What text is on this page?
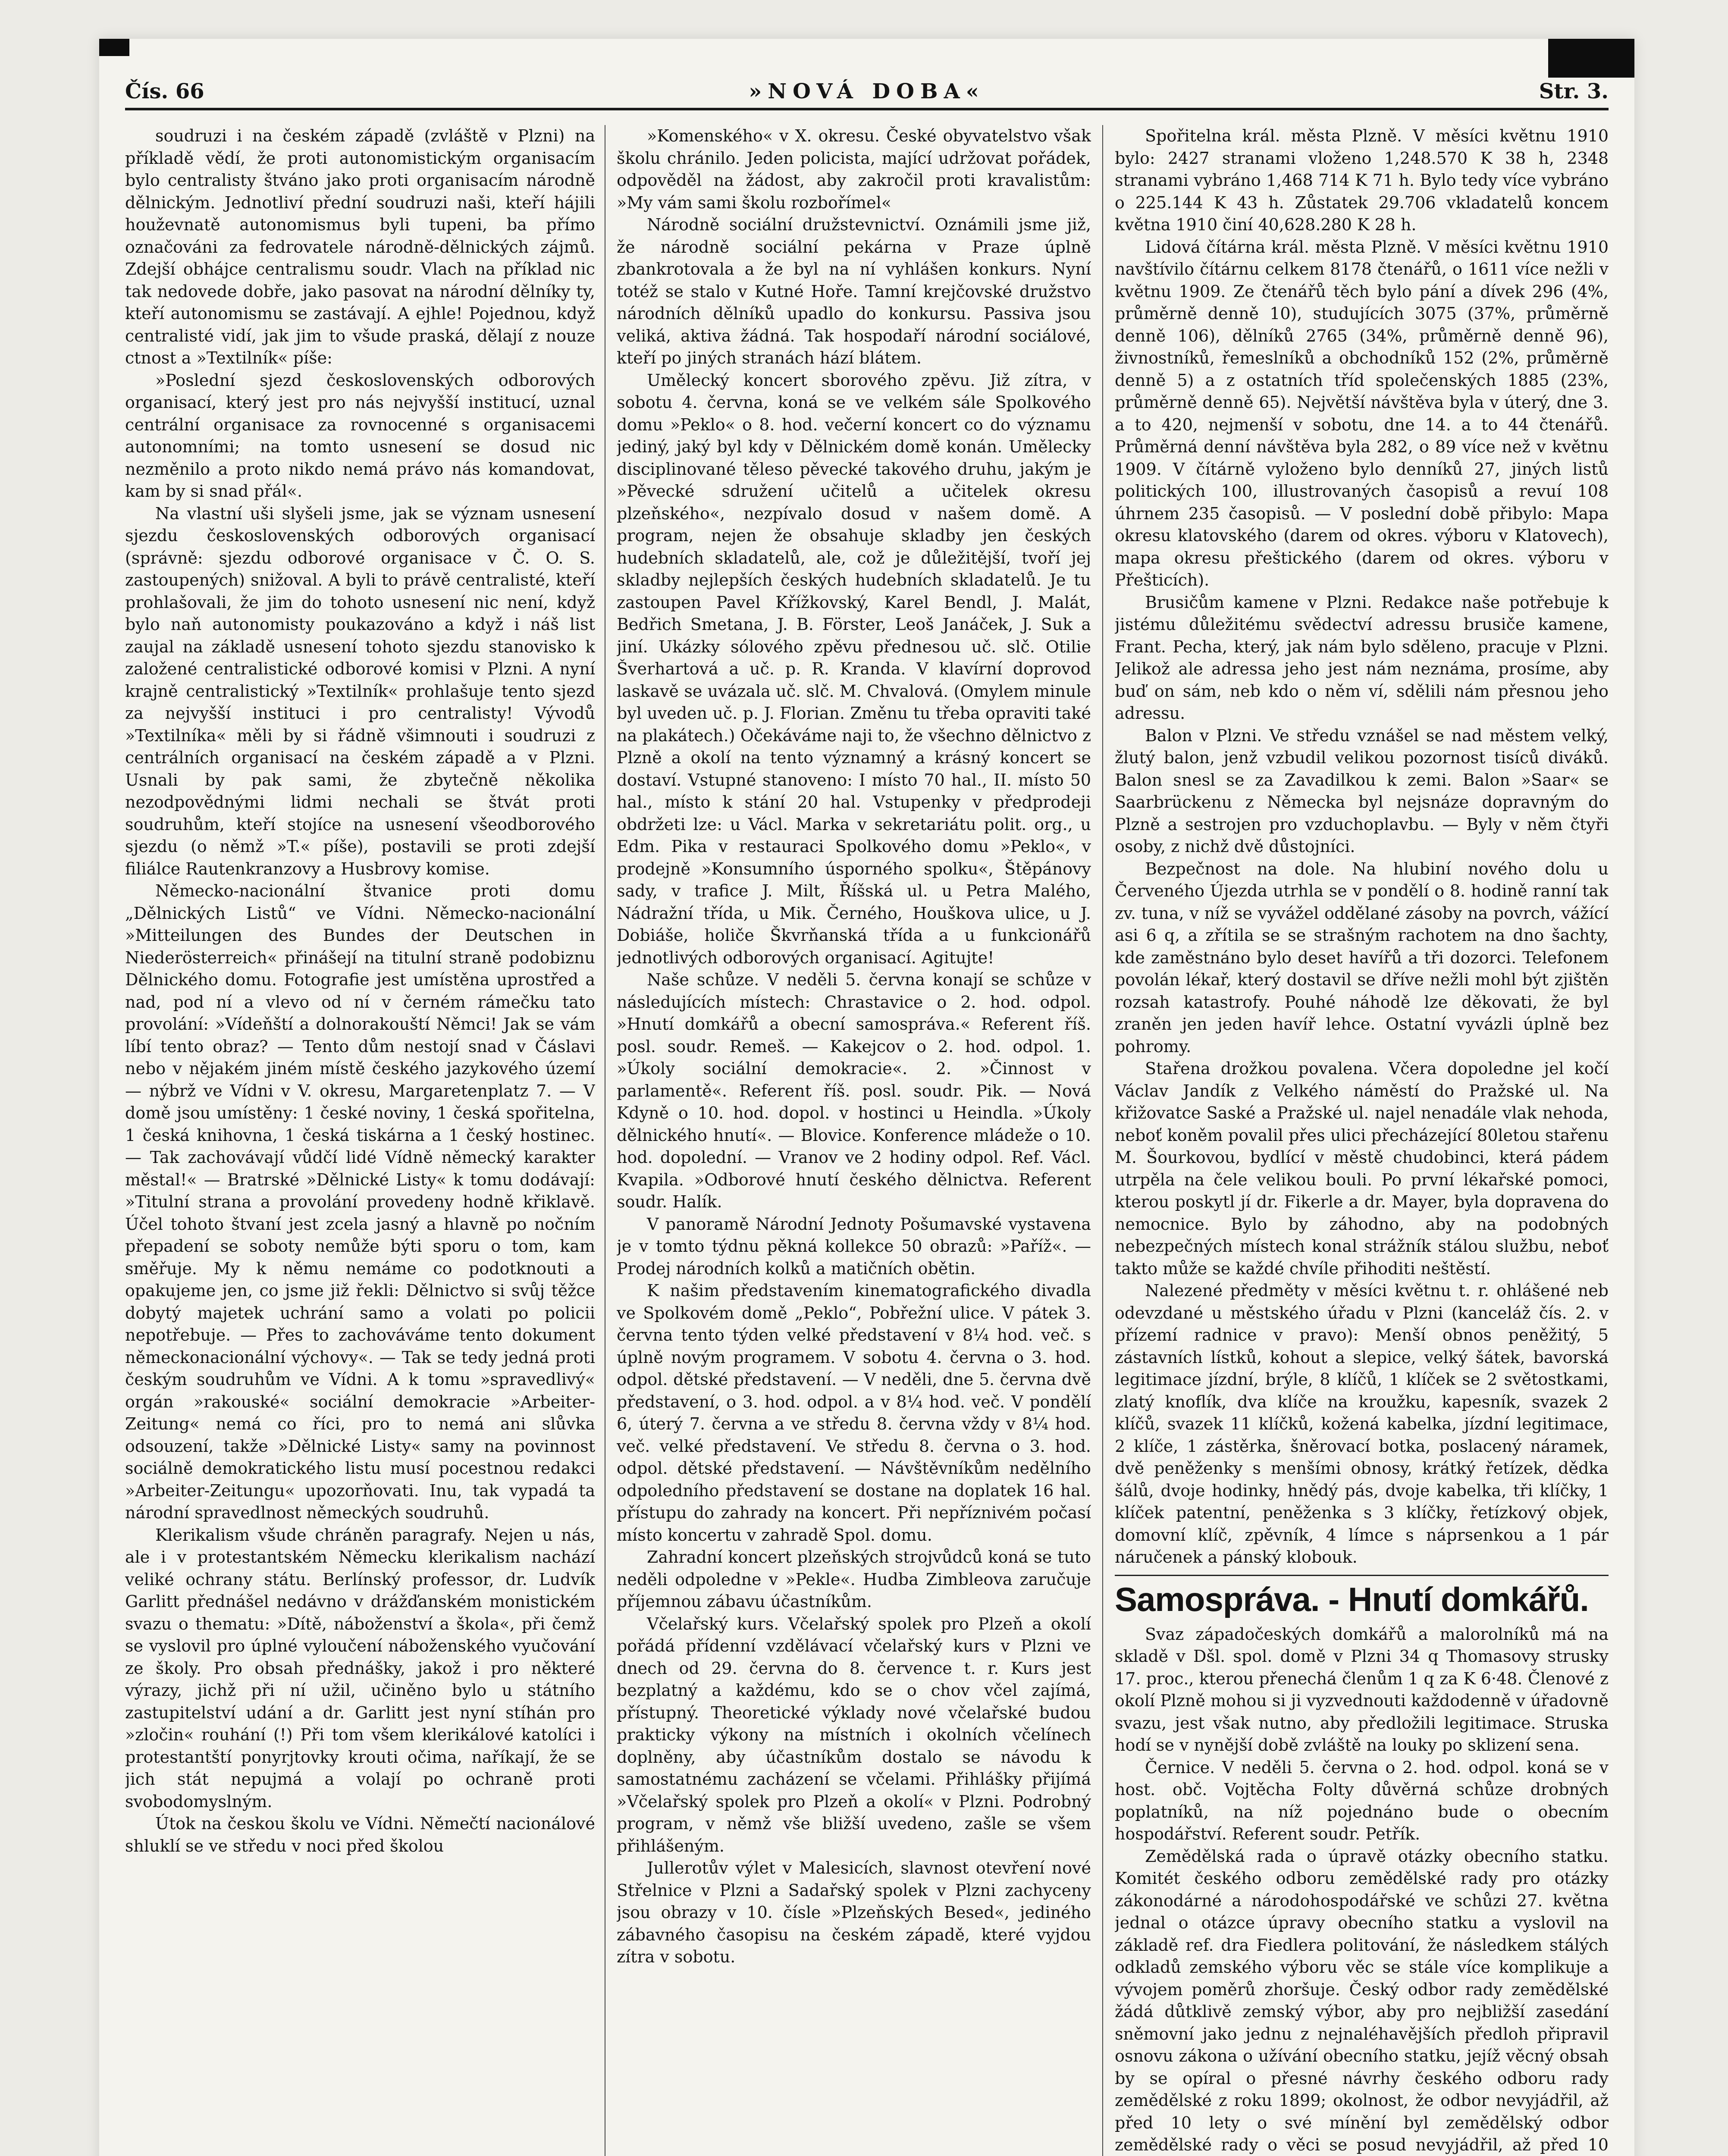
Čís. 66	»NOVÁ DOBA«	Str. 3.

soudruzi i na českém západě (zvláště v Plzni) na příkladě vědí, že proti autonomistickým organisacím bylo centralisty štváno jako proti organisacím národně dělnickým. Jednotliví přední soudruzi naši, kteří hájili houževnatě autonomismus byli tupeni, ba přímo označováni za fedrovatele národně-dělnických zájmů. Zdejší obhájce centralismu soudr. Vlach na příklad nic tak nedovede dobře, jako pasovat na národní dělníky ty, kteří autonomismu se zastávají. A ejhle! Pojednou, když centralisté vidí, jak jim to všude praská, dělají z nouze ctnost a »Textilník« píše:

»Poslední sjezd československých odborových organisací, který jest pro nás nejvyšší institucí, uznal centrální organisace za rovnocenné s organisacemi autonomními; na tomto usnesení se dosud nic nezměnilo a proto nikdo nemá právo nás komandovat, kam by si snad přál«.

Na vlastní uši slyšeli jsme, jak se význam usnesení sjezdu československých odborových organisací (správně: sjezdu odborové organisace v Č. O. S. zastoupených) snižoval. A byli to právě centralisté, kteří prohlašovali, že jim do tohoto usnesení nic není, když bylo naň autonomisty poukazováno a když i náš list zaujal na základě usnesení tohoto sjezdu stanovisko k založené centralistické odborové komisi v Plzni. A nyní krajně centralistický »Textilník« prohlašuje tento sjezd za nejvyšší instituci i pro centralisty! Vývodů »Textilníka« měli by si řádně všimnouti i soudruzi z centrálních organisací na českém západě a v Plzni. Usnali by pak sami, že zbytečně několika nezodpovědnými lidmi nechali se štvát proti soudruhům, kteří stojíce na usnesení všeodborového sjezdu (o němž »T.« píše), postavili se proti zdejší filiálce Rautenkranzovy a Husbrovy komise.

Německo-nacionální štvanice proti domu „Dělnických Listů“ ve Vídni. Německo-nacionální »Mitteilungen des Bundes der Deutschen in Niederösterreich« přinášejí na titulní straně podobiznu Dělnického domu. Fotografie jest umístěna uprostřed a nad, pod ní a vlevo od ní v černém rámečku tato provolání: »Vídeňští a dolnorakouští Němci! Jak se vám líbí tento obraz? — Tento dům nestojí snad v Čáslavi nebo v nějakém jiném místě českého jazykového území — nýbrž ve Vídni v V. okresu, Margaretenplatz 7. — V domě jsou umístěny: 1 české noviny, 1 česká spořitelna, 1 česká knihovna, 1 česká tiskárna a 1 český hostinec. — Tak zachovávají vůdčí lidé Vídně německý karakter městal!« — Bratrské »Dělnické Listy« k tomu dodávají: »Titulní strana a provolání provedeny hodně křiklavě. Účel tohoto štvaní jest zcela jasný a hlavně po nočním přepadení se soboty nemůže býti sporu o tom, kam směřuje. My k němu nemáme co podotknouti a opakujeme jen, co jsme již řekli: Dělnictvo si svůj těžce dobytý majetek uchrání samo a volati po policii nepotřebuje. — Přes to zachováváme tento dokument německonacionální výchovy«. — Tak se tedy jedná proti českým soudruhům ve Vídni. A k tomu »spravedlivý« orgán »rakouské« sociální demokracie »Arbeiter-Zeitung« nemá co říci, pro to nemá ani slůvka odsouzení, takže »Dělnické Listy« samy na povinnost sociálně demokratického listu musí pocestnou redakci »Arbeiter-Zeitungu« upozorňovati. Inu, tak vypadá ta národní spravedlnost německých soudruhů.

Klerikalism všude chráněn paragrafy. Nejen u nás, ale i v protestantském Německu klerikalism nachází veliké ochrany státu. Berlínský professor, dr. Ludvík Garlitt přednášel nedávno v drážďanském monistickém svazu o thematu: »Dítě, náboženství a škola«, při čemž se vyslovil pro úplné vyloučení náboženského vyučování ze školy. Pro obsah přednášky, jakož i pro některé výrazy, jichž při ní užil, učiněno bylo u státního zastupitelství udání a dr. Garlitt jest nyní stíhán pro »zločin« rouhání (!) Při tom všem klerikálové katolíci i protestantští ponyrjtovky krouti očima, naříkají, že se jich stát nepujmá a volají po ochraně proti svobodomyslným.

Útok na českou školu ve Vídni. Němečtí nacionálové shluklí se ve středu v noci před školou

»Komenského« v X. okresu. České obyvatelstvo však školu chránilo. Jeden policista, mající udržovat pořádek, odpověděl na žádost, aby zakročil proti kravalistům: »My vám sami školu rozbořímel«

Národně sociální družstevnictví. Oznámili jsme již, že národně sociální pekárna v Praze úplně zbankrotovala a že byl na ní vyhlášen konkurs. Nyní totéž se stalo v Kutné Hoře. Tamní krejčovské družstvo národních dělníků upadlo do konkursu. Passiva jsou veliká, aktiva žádná. Tak hospodaří národní sociálové, kteří po jiných stranách hází blátem.

Umělecký koncert sborového zpěvu. Již zítra, v sobotu 4. června, koná se ve velkém sále Spolkového domu »Peklo« o 8. hod. večerní koncert co do významu jediný, jaký byl kdy v Dělnickém domě konán. Umělecky disciplinované těleso pěvecké takového druhu, jakým je »Pěvecké sdružení učitelů a učitelek okresu plzeňského«, nezpívalo dosud v našem domě. A program, nejen že obsahuje skladby jen českých hudebních skladatelů, ale, což je důležitější, tvoří jej skladby nejlepších českých hudebních skladatelů. Je tu zastoupen Pavel Křížkovský, Karel Bendl, J. Malát, Bedřich Smetana, J. B. Förster, Leoš Janáček, J. Suk a jiní. Ukázky sólového zpěvu přednesou uč. slč. Otilie Šverhartová a uč. p. R. Kranda. V klavírní doprovod laskavě se uvázala uč. slč. M. Chvalová. (Omylem minule byl uveden uč. p. J. Florian. Změnu tu třeba opraviti také na plakátech.) Očekáváme naji to, že všechno dělnictvo z Plzně a okolí na tento významný a krásný koncert se dostaví. Vstupné stanoveno: I místo 70 hal., II. místo 50 hal., místo k stání 20 hal. Vstupenky v předprodeji obdržeti lze: u Václ. Marka v sekretariátu polit. org., u Edm. Pika v restauraci Spolkového domu »Peklo«, v prodejně »Konsumního úsporného spolku«, Štěpánovy sady, v trafice J. Milt, Říšská ul. u Petra Malého, Nádražní třída, u Mik. Černého, Houškova ulice, u J. Dobiáše, holiče Škvrňanská třída a u funkcionářů jednotlivých odborových organisací. Agitujte!

Naše schůze. V neděli 5. června konají se schůze v následujících místech: Chrastavice o 2. hod. odpol. »Hnutí domkářů a obecní samospráva.« Referent říš. posl. soudr. Remeš. — Kakejcov o 2. hod. odpol. 1. »Úkoly sociální demokracie«. 2. »Činnost v parlamentě«. Referent říš. posl. soudr. Pik. — Nová Kdyně o 10. hod. dopol. v hostinci u Heindla. »Úkoly dělnického hnutí«. — Blovice. Konference mládeže o 10. hod. dopolední. — Vranov ve 2 hodiny odpol. Ref. Václ. Kvapila. »Odborové hnutí českého dělnictva. Referent soudr. Halík.

V panoramě Národní Jednoty Pošumavské vystavena je v tomto týdnu pěkná kollekce 50 obrazů: »Paříž«. — Prodej národních kolků a matičních obětin.

K našim představením kinematografického divadla ve Spolkovém domě „Peklo“, Pobřežní ulice. V pátek 3. června tento týden velké představení v 8¼ hod. več. s úplně novým programem. V sobotu 4. června o 3. hod. odpol. dětské představení. — V neděli, dne 5. června dvě představení, o 3. hod. odpol. a v 8¼ hod. več. V pondělí 6, úterý 7. června a ve středu 8. června vždy v 8¼ hod. več. velké představení. Ve středu 8. června o 3. hod. odpol. dětské představení. — Návštěvníkům nedělního odpoledního představení se dostane na doplatek 16 hal. přístupu do zahrady na koncert. Při nepříznivém počasí místo koncertu v zahradě Spol. domu.

Zahradní koncert plzeňských strojvůdců koná se tuto neděli odpoledne v »Pekle«. Hudba Zimbleova zaručuje příjemnou zábavu účastníkům.

Včelařský kurs. Včelařský spolek pro Plzeň a okolí pořádá přídenní vzdělávací včelařský kurs v Plzni ve dnech od 29. června do 8. července t. r. Kurs jest bezplatný a každému, kdo se o chov včel zajímá, přístupný. Theoretické výklady nové včelařské budou prakticky výkony na místních i okolních včelínech doplněny, aby účastníkům dostalo se návodu k samostatnému zacházení se včelami. Přihlášky přijímá »Včelařský spolek pro Plzeň a okolí« v Plzni. Podrobný program, v němž vše bližší uvedeno, zašle se všem přihlášeným.

Jullerotův výlet v Malesicích, slavnost otevření nové Střelnice v Plzni a Sadařský spolek v Plzni zachyceny jsou obrazy v 10. čísle »Plzeňských Besed«, jediného zábavného časopisu na českém západě, které vyjdou zítra v sobotu.

Spořitelna král. města Plzně. V měsíci květnu 1910 bylo: 2427 stranami vloženo 1,248.570 K 38 h, 2348 stranami vybráno 1,468 714 K 71 h. Bylo tedy více vybráno o 225.144 K 43 h. Zůstatek 29.706 vkladatelů koncem května 1910 činí 40,628.280 K 28 h.

Lidová čítárna král. města Plzně. V měsíci květnu 1910 navštívilo čítárnu celkem 8178 čtenářů, o 1611 více nežli v květnu 1909. Ze čtenářů těch bylo pání a dívek 296 (4%, průměrně denně 10), studujících 3075 (37%, průměrně denně 106), dělníků 2765 (34%, průměrně denně 96), živnostníků, řemeslníků a obchodníků 152 (2%, průměrně denně 5) a z ostatních tříd společenských 1885 (23%, průměrně denně 65). Největší návštěva byla v úterý, dne 3. a to 420, nejmenší v sobotu, dne 14. a to 44 čtenářů. Průměrná denní návštěva byla 282, o 89 více než v květnu 1909. V čítárně vyloženo bylo denníků 27, jiných listů politických 100, illustrovaných časopisů a revuí 108 úhrnem 235 časopisů. — V poslední době přibylo: Mapa okresu klatovského (darem od okres. výboru v Klatovech), mapa okresu přeštického (darem od okres. výboru v Přešticích).

Brusičům kamene v Plzni. Redakce naše potřebuje k jistému důležitému svědectví adressu brusiče kamene, Frant. Pecha, který, jak nám bylo sděleno, pracuje v Plzni. Jelikož ale adressa jeho jest nám neznáma, prosíme, aby buď on sám, neb kdo o něm ví, sdělili nám přesnou jeho adressu.

Balon v Plzni. Ve středu vznášel se nad městem velký, žlutý balon, jenž vzbudil velikou pozornost tisíců diváků. Balon snesl se za Zavadilkou k zemi. Balon »Saar« se Saarbrückenu z Německa byl nejsnáze dopravným do Plzně a sestrojen pro vzduchoplavbu. — Byly v něm čtyři osoby, z nichž dvě důstojníci.

Bezpečnost na dole. Na hlubiní nového dolu u Červeného Újezda utrhla se v pondělí o 8. hodině ranní tak zv. tuna, v níž se vyvážel oddělané zásoby na povrch, vážící asi 6 q, a zřítila se se strašným rachotem na dno šachty, kde zaměstnáno bylo deset havířů a tři dozorci. Telefonem povolán lékař, který dostavil se dříve nežli mohl být zjištěn rozsah katastrofy. Pouhé náhodě lze děkovati, že byl zraněn jen jeden havíř lehce. Ostatní vyvázli úplně bez pohromy.

Stařena drožkou povalena. Včera dopoledne jel kočí Václav Jandík z Velkého náměstí do Pražské ul. Na křižovatce Saské a Pražské ul. najel nenadále vlak nehoda, neboť koněm povalil přes ulici přecházející 80letou stařenu M. Šourkovou, bydlící v městě chudobinci, která pádem utrpěla na čele velikou bouli. Po první lékařské pomoci, kterou poskytl jí dr. Fikerle a dr. Mayer, byla dopravena do nemocnice. Bylo by záhodno, aby na podobných nebezpečných místech konal strážník stálou službu, neboť takto může se každé chvíle přihoditi neštěstí.

Nalezené předměty v měsíci květnu t. r. ohlášené neb odevzdané u městského úřadu v Plzni (kanceláž čís. 2. v přízemí radnice v pravo): Menší obnos peněžitý, 5 zástavních lístků, kohout a slepice, velký šátek, bavorská legitimace jízdní, brýle, 8 klíčů, 1 klíček se 2 světostkami, zlatý knoflík, dva klíče na kroužku, kapesník, svazek 2 klíčů, svazek 11 klíčků, kožená kabelka, jízdní legitimace, 2 klíče, 1 zástěrka, šněrovací botka, poslacený náramek, dvě peněženky s menšími obnosy, krátký řetízek, dědka šálů, dvoje hodinky, hnědý pás, dvoje kabelka, tři klíčky, 1 klíček patentní, peněženka s 3 klíčky, řetízkový objek, domovní klíč, zpěvník, 4 límce s náprsenkou a 1 pár náručenek a pánský klobouk.

Samospráva. - Hnutí domkářů.

Svaz západočeských domkářů a malorolníků má na skladě v Dšl. spol. domě v Plzni 34 q Thomasovy strusky 17. proc., kterou přenechá členům 1 q za K 6·48. Členové z okolí Plzně mohou si ji vyzvednouti každodenně v úřadovně svazu, jest však nutno, aby předložili legitimace. Struska hodí se v nynější době zvláště na louky po sklizení sena.

Černice. V neděli 5. června o 2. hod. odpol. koná se v host. obč. Vojtěcha Folty důvěrná schůze drobných poplatníků, na níž pojednáno bude o obecním hospodářství. Referent soudr. Petřík.

Zemědělská rada o úpravě otázky obecního statku. Komitét českého odboru zemědělské rady pro otázky zákonodárné a národohospodářské ve schůzi 27. května jednal o otázce úpravy obecního statku a vyslovil na základě ref. dra Fiedlera politování, že následkem stálých odkladů zemského výboru věc se stále více komplikuje a vývojem poměrů zhoršuje. Český odbor rady zemědělské žádá důtklivě zemský výbor, aby pro nejbližší zasedání sněmovní jako jednu z nejnaléhavějších předloh připravil osnovu zákona o užívání obecního statku, jejíž věcný obsah by se opíral o přesné návrhy českého odboru rady zemědělské z roku 1899; okolnost, že odbor nevyjádřil, až před 10 lety o své mínění byl zemědělský odbor zemědělské rady o věci se posud nevyjádřil, až před 10
